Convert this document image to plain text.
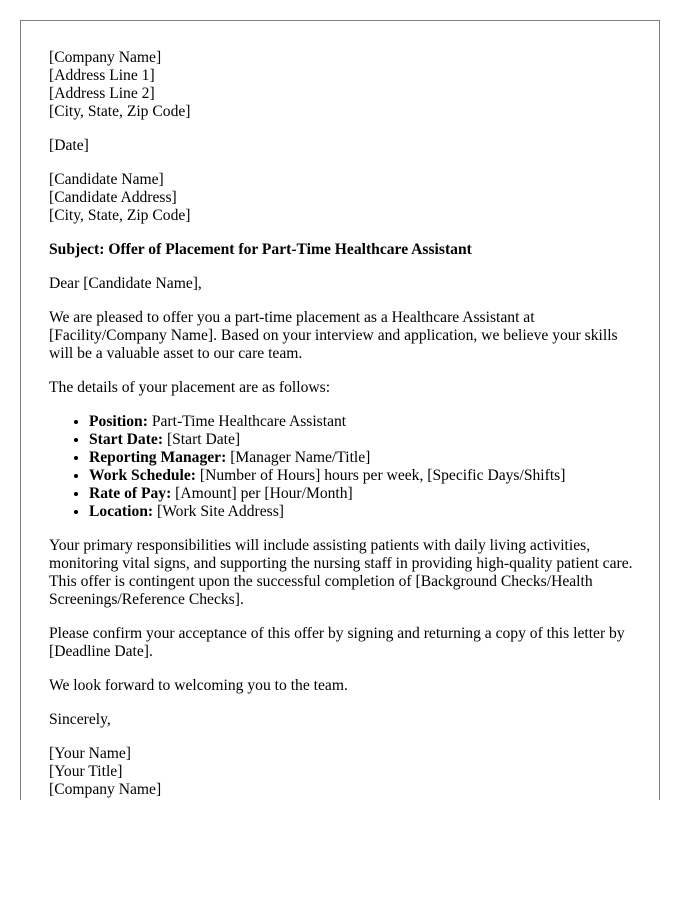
[Company Name]
[Address Line 1]
[Address Line 2]
[City, State, Zip Code]

[Date]

[Candidate Name]
[Candidate Address]
[City, State, Zip Code]

Subject: Offer of Placement for Part-Time Healthcare Assistant

Dear [Candidate Name],

We are pleased to offer you a part-time placement as a Healthcare Assistant at [Facility/Company Name]. Based on your interview and application, we believe your skills will be a valuable asset to our care team.

The details of your placement are as follows:

• Position: Part-Time Healthcare Assistant
• Start Date: [Start Date]
• Reporting Manager: [Manager Name/Title]
• Work Schedule: [Number of Hours] hours per week, [Specific Days/Shifts]
• Rate of Pay: [Amount] per [Hour/Month]
• Location: [Work Site Address]

Your primary responsibilities will include assisting patients with daily living activities, monitoring vital signs, and supporting the nursing staff in providing high-quality patient care. This offer is contingent upon the successful completion of [Background Checks/Health Screenings/Reference Checks].

Please confirm your acceptance of this offer by signing and returning a copy of this letter by [Deadline Date].

We look forward to welcoming you to the team.

Sincerely,

[Your Name]
[Your Title]
[Company Name]
